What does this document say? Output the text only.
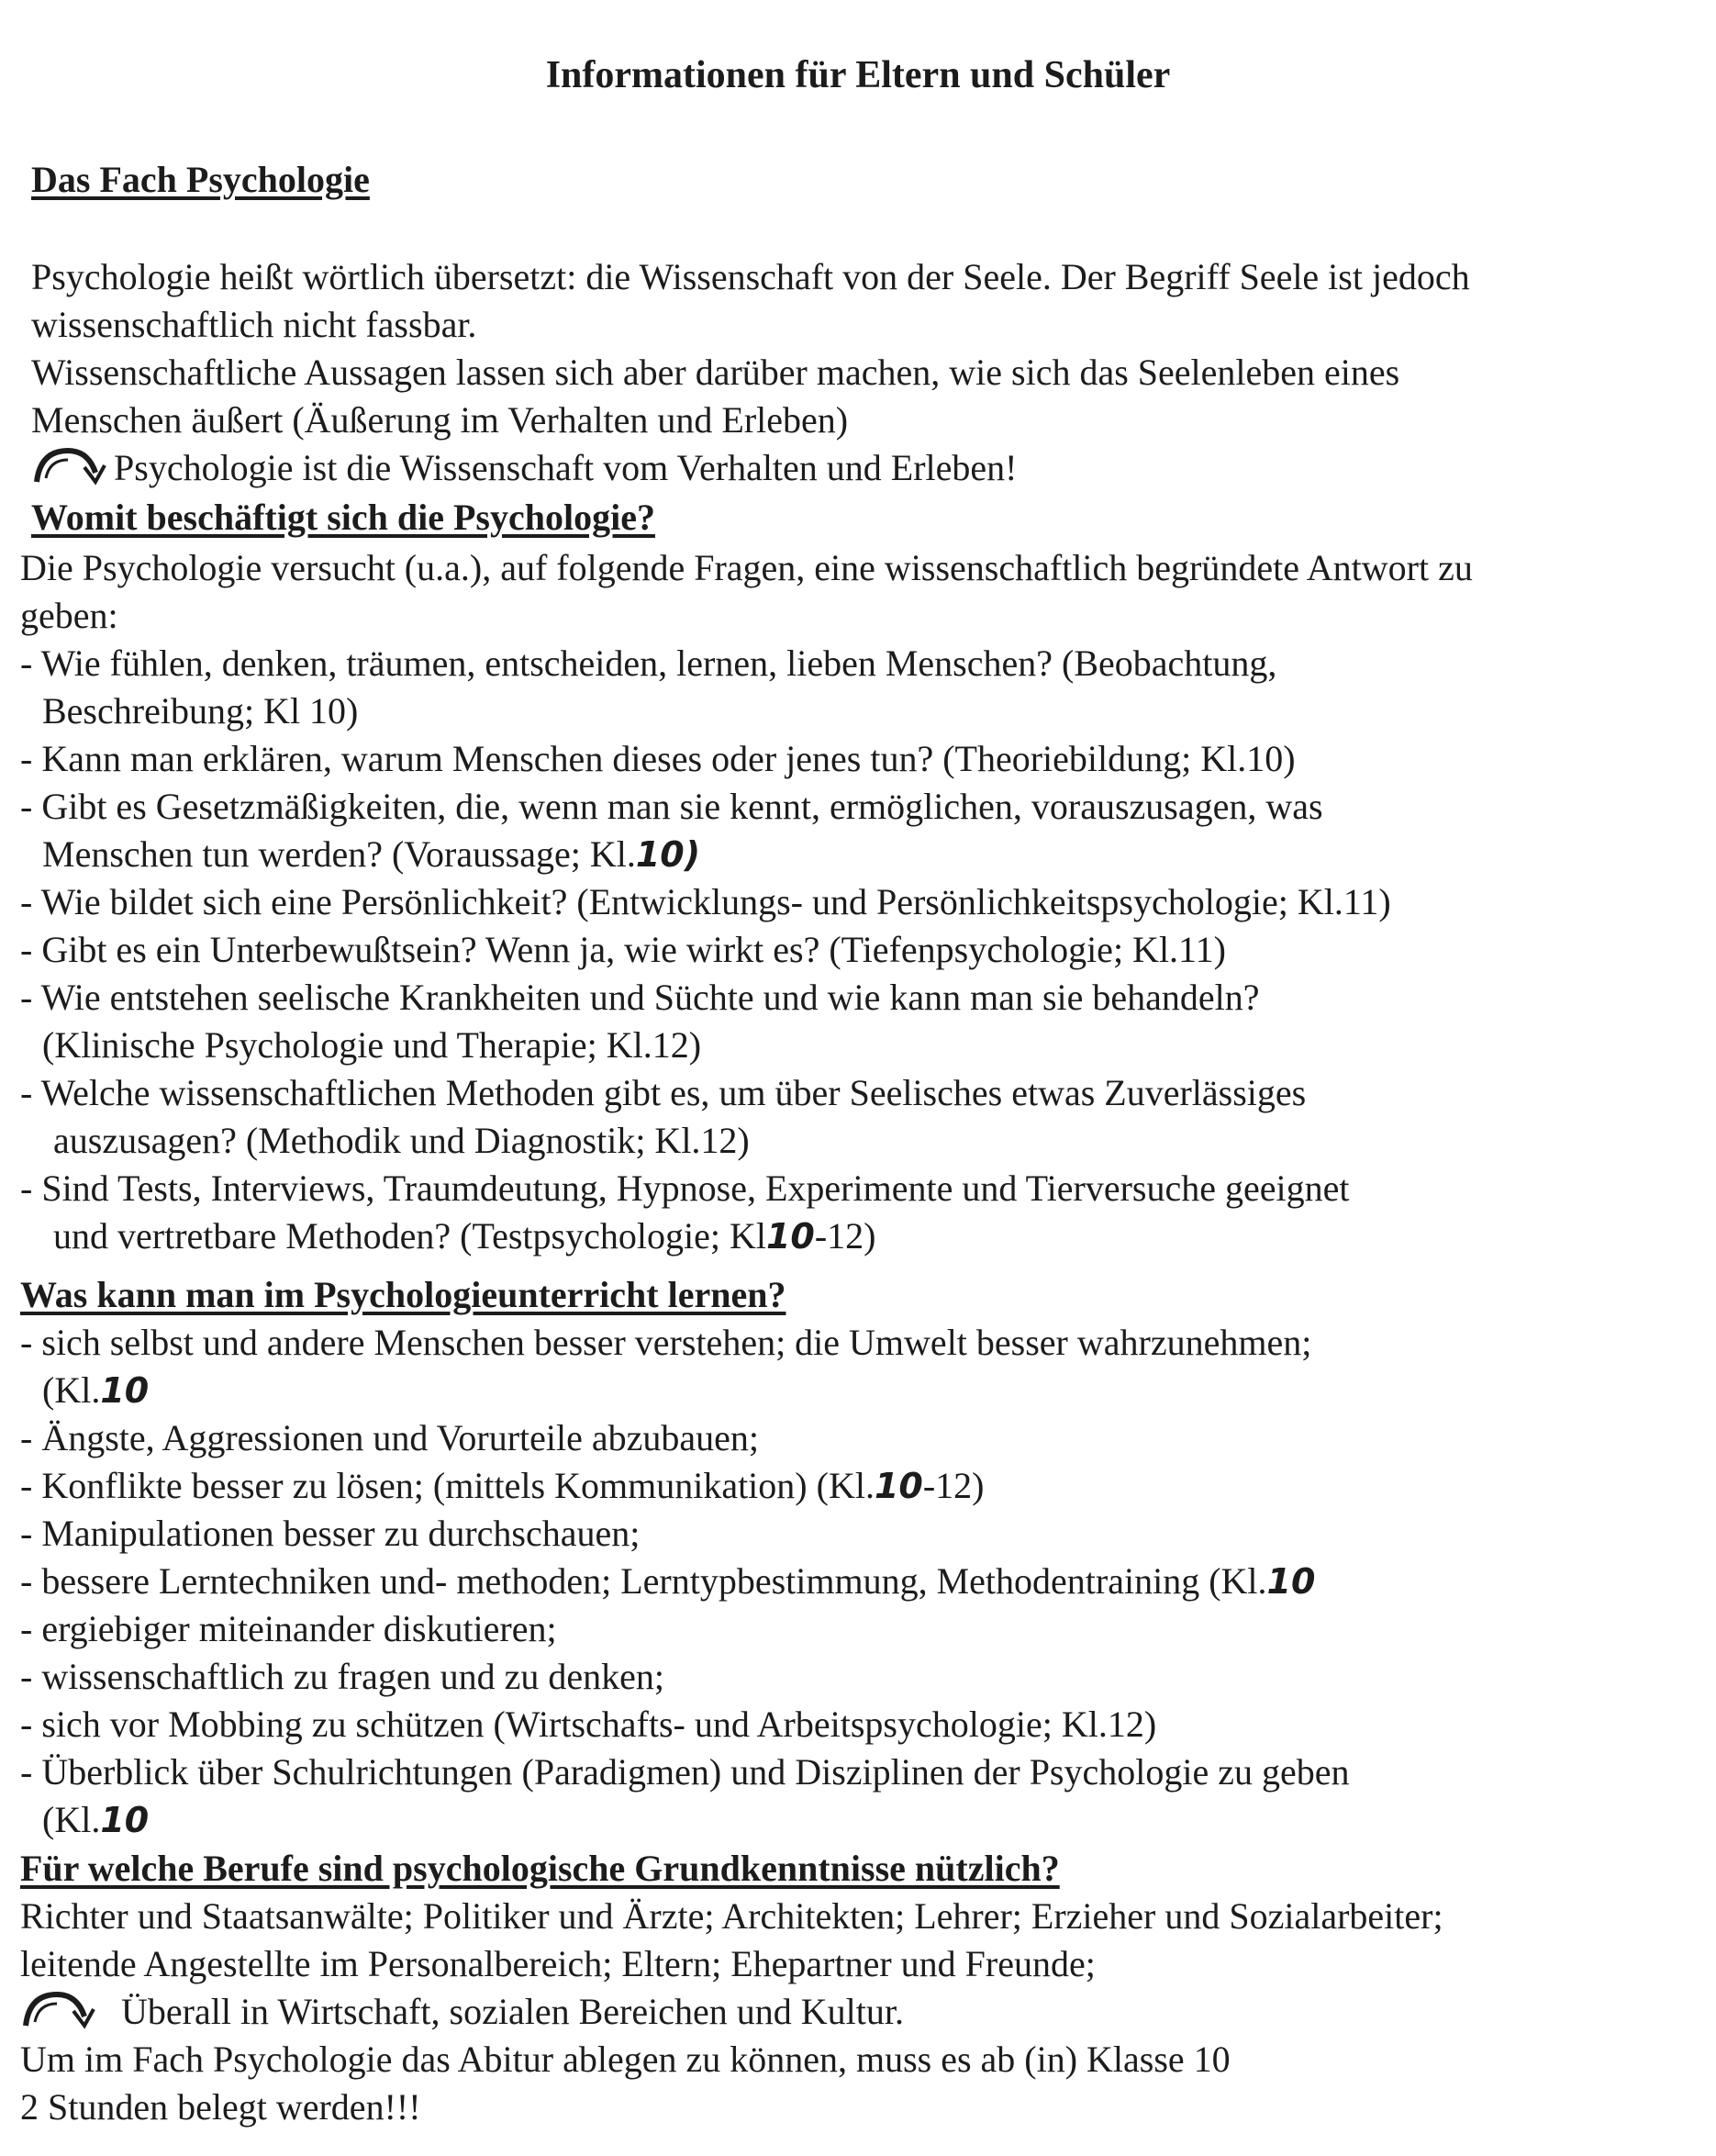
Informationen für Eltern und Schüler
Das Fach Psychologie
Psychologie heißt wörtlich übersetzt: die Wissenschaft von der Seele. Der Begriff Seele ist jedoch
wissenschaftlich nicht fassbar.
Wissenschaftliche Aussagen lassen sich aber darüber machen, wie sich das Seelenleben eines
Menschen äußert (Äußerung im Verhalten und Erleben)
Psychologie ist die Wissenschaft vom Verhalten und Erleben!
Womit beschäftigt sich die Psychologie?
Die Psychologie versucht (u.a.), auf folgende Fragen, eine wissenschaftlich begründete Antwort zu
geben:
- Wie fühlen, denken, träumen, entscheiden, lernen, lieben Menschen? (Beobachtung,
Beschreibung; Kl 10)
- Kann man erklären, warum Menschen dieses oder jenes tun? (Theoriebildung; Kl.10)
- Gibt es Gesetzmäßigkeiten, die, wenn man sie kennt, ermöglichen, vorauszusagen, was
Menschen tun werden? (Voraussage; Kl.10)
- Wie bildet sich eine Persönlichkeit? (Entwicklungs- und Persönlichkeitspsychologie; Kl.11)
- Gibt es ein Unterbewußtsein? Wenn ja, wie wirkt es? (Tiefenpsychologie; Kl.11)
- Wie entstehen seelische Krankheiten und Süchte und wie kann man sie behandeln?
(Klinische Psychologie und Therapie; Kl.12)
- Welche wissenschaftlichen Methoden gibt es, um über Seelisches etwas Zuverlässiges
auszusagen? (Methodik und Diagnostik; Kl.12)
- Sind Tests, Interviews, Traumdeutung, Hypnose, Experimente und Tierversuche geeignet
und vertretbare Methoden? (Testpsychologie; Kl10-12)
Was kann man im Psychologieunterricht lernen?
- sich selbst und andere Menschen besser verstehen; die Umwelt besser wahrzunehmen;
(Kl.10
- Ängste, Aggressionen und Vorurteile abzubauen;
- Konflikte besser zu lösen; (mittels Kommunikation) (Kl.10-12)
- Manipulationen besser zu durchschauen;
- bessere Lerntechniken und- methoden; Lerntypbestimmung, Methodentraining (Kl.10
- ergiebiger miteinander diskutieren;
- wissenschaftlich zu fragen und zu denken;
- sich vor Mobbing zu schützen (Wirtschafts- und Arbeitspsychologie; Kl.12)
- Überblick über Schulrichtungen (Paradigmen) und Disziplinen der Psychologie zu geben
(Kl.10
Für welche Berufe sind psychologische Grundkenntnisse nützlich?
Richter und Staatsanwälte; Politiker und Ärzte; Architekten; Lehrer; Erzieher und Sozialarbeiter;
leitende Angestellte im Personalbereich; Eltern; Ehepartner und Freunde;
Überall in Wirtschaft, sozialen Bereichen und Kultur.
Um im Fach Psychologie das Abitur ablegen zu können, muss es ab (in) Klasse 10
2 Stunden belegt werden!!!
